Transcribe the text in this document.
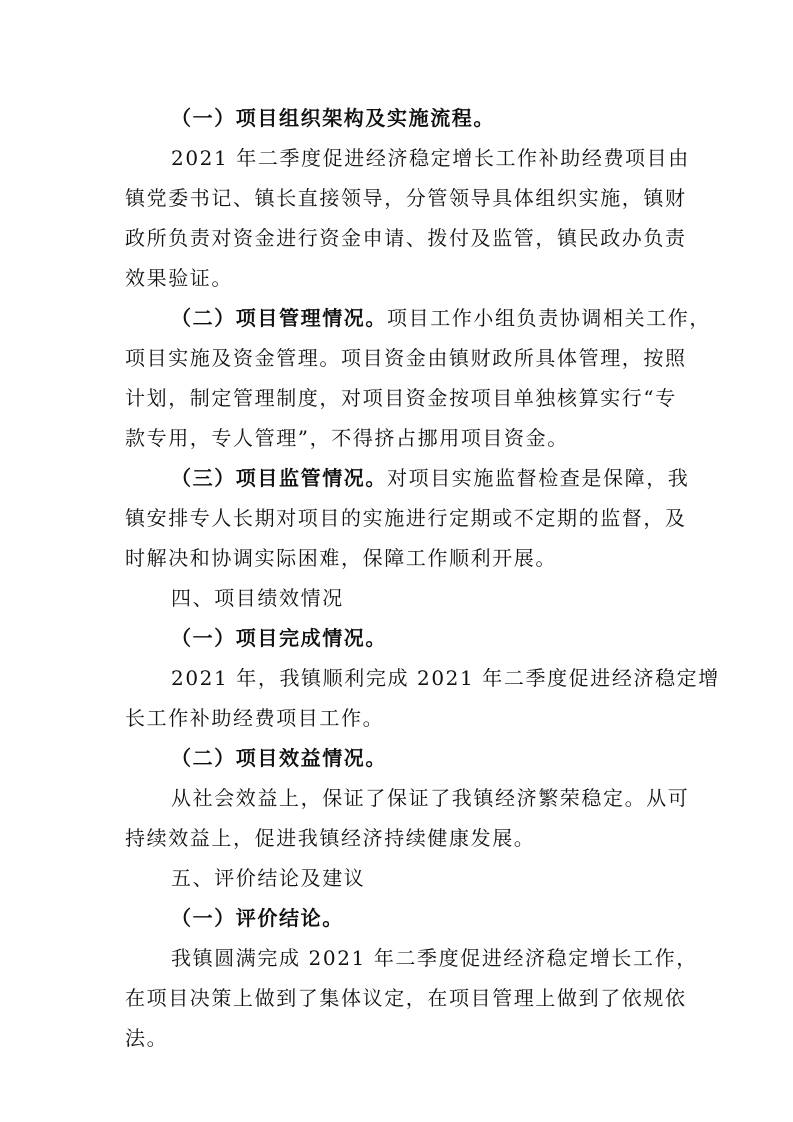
（一）项目组织架构及实施流程。
2021 年二季度促进经济稳定增长工作补助经费项目由
镇党委书记、镇长直接领导，分管领导具体组织实施，镇财
政所负责对资金进行资金申请、拨付及监管，镇民政办负责
效果验证。
（二）项目管理情况。项目工作小组负责协调相关工作，
项目实施及资金管理。项目资金由镇财政所具体管理，按照
计划，制定管理制度，对项目资金按项目单独核算实行“专
款专用，专人管理”，不得挤占挪用项目资金。
（三）项目监管情况。对项目实施监督检查是保障，我
镇安排专人长期对项目的实施进行定期或不定期的监督，及
时解决和协调实际困难，保障工作顺利开展。
四、项目绩效情况
（一）项目完成情况。
2021 年，我镇顺利完成 2021 年二季度促进经济稳定增
长工作补助经费项目工作。
（二）项目效益情况。
从社会效益上，保证了保证了我镇经济繁荣稳定。从可
持续效益上，促进我镇经济持续健康发展。
五、评价结论及建议
（一）评价结论。
我镇圆满完成 2021 年二季度促进经济稳定增长工作，
在项目决策上做到了集体议定，在项目管理上做到了依规依
法。
